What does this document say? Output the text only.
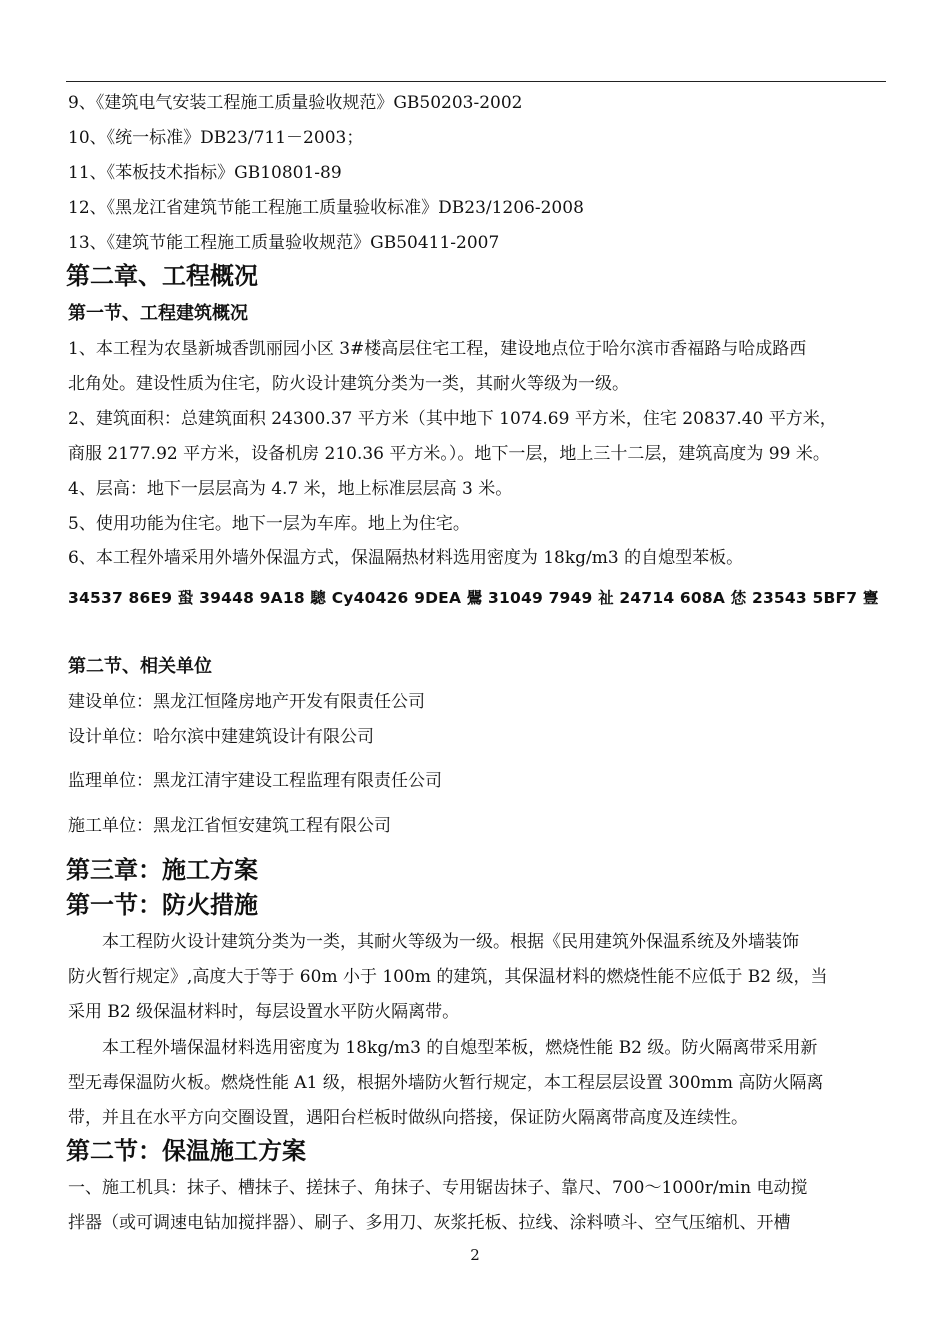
9、《建筑电气安装工程施工质量验收规范》GB50203-2002
10、《统一标准》DB23/711－2003；
11、《苯板技术指标》GB10801-89
12、《黑龙江省建筑节能工程施工质量验收标准》DB23/1206-2008
13、《建筑节能工程施工质量验收规范》GB50411-2007
第二章、工程概况
第一节、工程建筑概况
1、本工程为农垦新城香凯丽园小区 3#楼高层住宅工程，建设地点位于哈尔滨市香福路与哈成路西
北角处。建设性质为住宅，防火设计建筑分类为一类，其耐火等级为一级。
2、建筑面积：总建筑面积 24300.37 平方米（其中地下 1074.69 平方米，住宅 20837.40 平方米，
商服 2177.92 平方米，设备机房 210.36 平方米。）。地下一层，地上三十二层，建筑高度为 99 米。
4、层高：地下一层层高为 4.7 米，地上标准层层高 3 米。
5、使用功能为住宅。地下一层为车库。地上为住宅。
6、本工程外墙采用外墙外保温方式，保温隔热材料选用密度为 18kg/m3 的自熄型苯板。
34537 86E9 蛩 39448 9A18 驄 Cy40426 9DEA 鷪 31049 7949 祉 24714 608A 恷 23543 5BF7 寷
第二节、相关单位
建设单位：黑龙江恒隆房地产开发有限责任公司
设计单位：哈尔滨中建建筑设计有限公司
监理单位：黑龙江清宇建设工程监理有限责任公司
施工单位：黑龙江省恒安建筑工程有限公司
第三章：施工方案
第一节：防火措施
　　本工程防火设计建筑分类为一类，其耐火等级为一级。根据《民用建筑外保温系统及外墙装饰
防火暂行规定》,高度大于等于 60m 小于 100m 的建筑，其保温材料的燃烧性能不应低于 B2 级，当
采用 B2 级保温材料时，每层设置水平防火隔离带。
　　本工程外墙保温材料选用密度为 18kg/m3 的自熄型苯板，燃烧性能 B2 级。防火隔离带采用新
型无毒保温防火板。燃烧性能 A1 级，根据外墙防火暂行规定，本工程层层设置 300mm 高防火隔离
带，并且在水平方向交圈设置，遇阳台栏板时做纵向搭接，保证防火隔离带高度及连续性。
第二节：保温施工方案
一、施工机具：抹子、槽抹子、搓抹子、角抹子、专用锯齿抹子、靠尺、700～1000r/min 电动搅
拌器（或可调速电钻加搅拌器）、刷子、多用刀、灰浆托板、拉线、涂料喷斗、空气压缩机、开槽
2
